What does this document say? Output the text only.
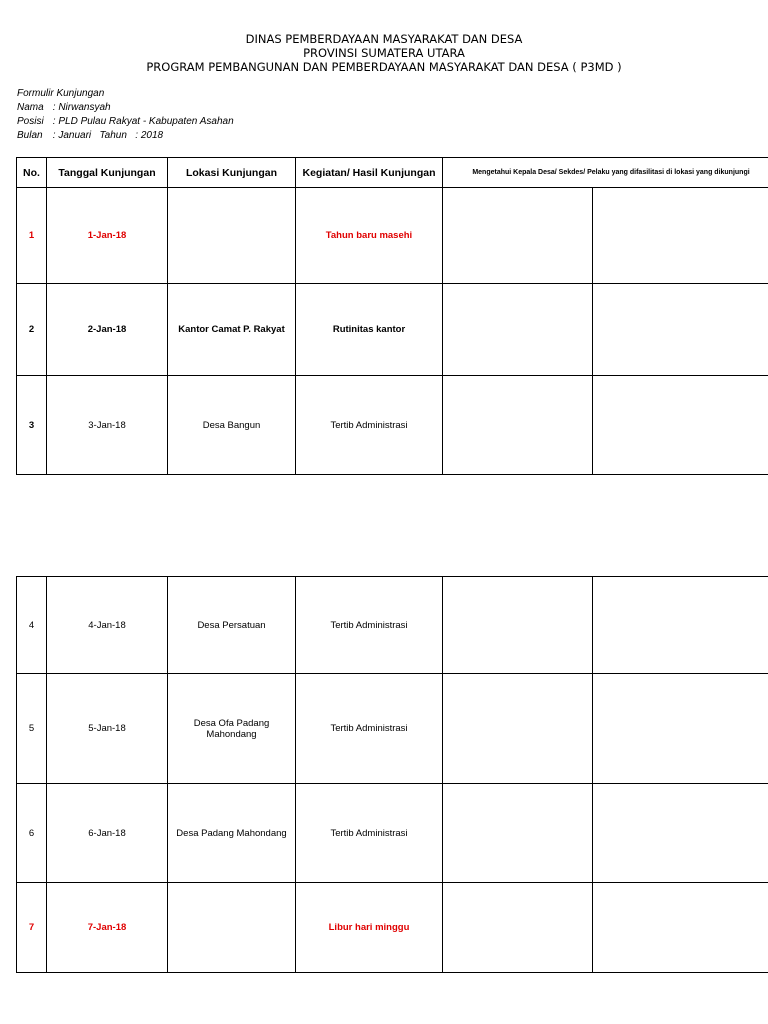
DINAS PEMBERDAYAAN MASYARAKAT DAN DESA
PROVINSI SUMATERA UTARA
PROGRAM PEMBANGUNAN DAN PEMBERDAYAAN MASYARAKAT DAN DESA ( P3MD )
Formulir Kunjungan
Nama : Nirwansyah
Posisi : PLD Pulau Rakyat - Kabupaten Asahan
Bulan : Januari Tahun : 2018
No.	Tanggal Kunjungan	Lokasi Kunjungan	Kegiatan/ Hasil Kunjungan	Mengetahui Kepala Desa/ Sekdes/ Pelaku yang difasilitasi di lokasi yang dikunjungi	
1	1-Jan-18		Tahun baru masehi		
2	2-Jan-18	Kantor Camat P. Rakyat	Rutinitas kantor		
3	3-Jan-18	Desa Bangun	Tertib Administrasi		
4	4-Jan-18	Desa Persatuan	Tertib Administrasi		
5	5-Jan-18	Desa Ofa Padang Mahondang	Tertib Administrasi		
6	6-Jan-18	Desa Padang Mahondang	Tertib Administrasi		
7	7-Jan-18		Libur hari minggu		
